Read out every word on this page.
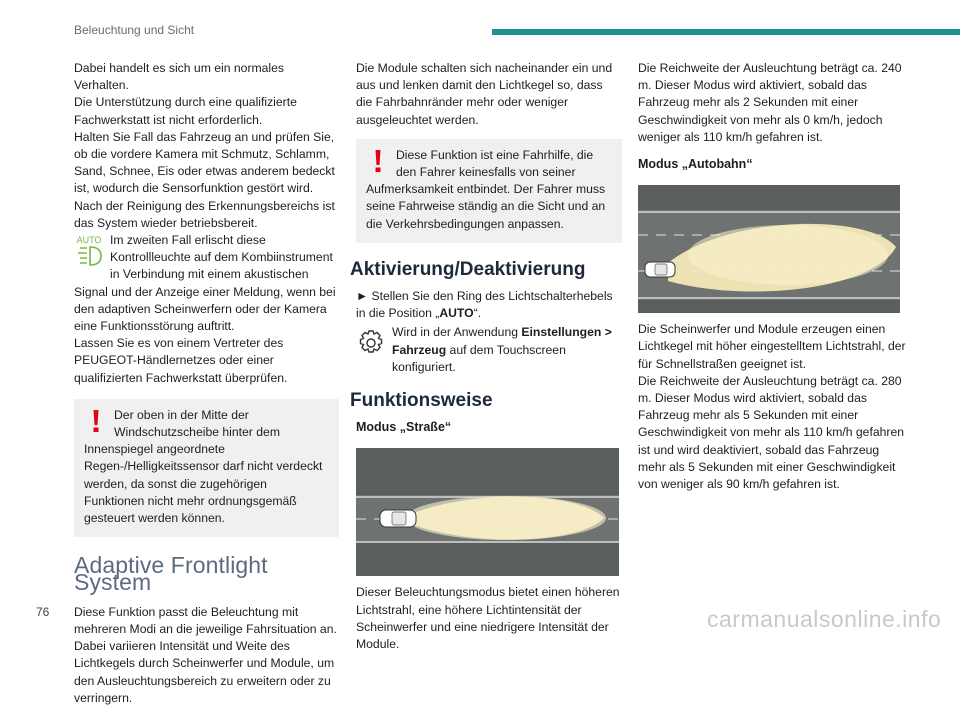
Beleuchtung und Sicht
Dabei handelt es sich um ein normales Verhalten.
Die Unterstützung durch eine qualifizierte Fachwerkstatt ist nicht erforderlich.
Halten Sie Fall das Fahrzeug an und prüfen Sie, ob die vordere Kamera mit Schmutz, Schlamm, Sand, Schnee, Eis oder etwas anderem bedeckt ist, wodurch die Sensorfunktion gestört wird.
Nach der Reinigung des Erkennungsbereichs ist das System wieder betriebsbereit.
AUTO Im zweiten Fall erlischt diese Kontrollleuchte auf dem Kombiinstrument in Verbindung mit einem akustischen Signal und der Anzeige einer Meldung, wenn bei den adaptiven Scheinwerfern oder der Kamera eine Funktionsstörung auftritt.
Lassen Sie es von einem Vertreter des PEUGEOT-Händlernetzes oder einer qualifizierten Fachwerkstatt überprüfen.
Der oben in der Mitte der Windschutzscheibe hinter dem Innenspiegel angeordnete Regen-/Helligkeitssensor darf nicht verdeckt werden, da sonst die zugehörigen Funktionen nicht mehr ordnungsgemäß gesteuert werden können.
Adaptive Frontlight System
Diese Funktion passt die Beleuchtung mit mehreren Modi an die jeweilige Fahrsituation an.
Dabei variieren Intensität und Weite des Lichtkegels durch Scheinwerfer und Module, um den Ausleuchtungsbereich zu erweitern oder zu verringern.
Die Module schalten sich nacheinander ein und aus und lenken damit den Lichtkegel so, dass die Fahrbahnränder mehr oder weniger ausgeleuchtet werden.
Diese Funktion ist eine Fahrhilfe, die den Fahrer keinesfalls von seiner Aufmerksamkeit entbindet. Der Fahrer muss seine Fahrweise ständig an die Sicht und an die Verkehrsbedingungen anpassen.
Aktivierung/Deaktivierung
► Stellen Sie den Ring des Lichtschalterhebels in die Position „AUTO“.
Wird in der Anwendung Einstellungen > Fahrzeug auf dem Touchscreen konfiguriert.
Funktionsweise
Modus „Straße“
Dieser Beleuchtungsmodus bietet einen höheren Lichtstrahl, eine höhere Lichtintensität der Scheinwerfer und eine niedrigere Intensität der Module.
Die Reichweite der Ausleuchtung beträgt ca. 240 m. Dieser Modus wird aktiviert, sobald das Fahrzeug mehr als 2 Sekunden mit einer Geschwindigkeit von mehr als 0 km/h, jedoch weniger als 110 km/h gefahren ist.
Modus „Autobahn“
Die Scheinwerfer und Module erzeugen einen Lichtkegel mit höher eingestelltem Lichtstrahl, der für Schnellstraßen geeignet ist.
Die Reichweite der Ausleuchtung beträgt ca. 280 m. Dieser Modus wird aktiviert, sobald das Fahrzeug mehr als 5 Sekunden mit einer Geschwindigkeit von mehr als 110 km/h gefahren ist und wird deaktiviert, sobald das Fahrzeug mehr als 5 Sekunden mit einer Geschwindigkeit von weniger als 90 km/h gefahren ist.
76	carmanualsonline.info
